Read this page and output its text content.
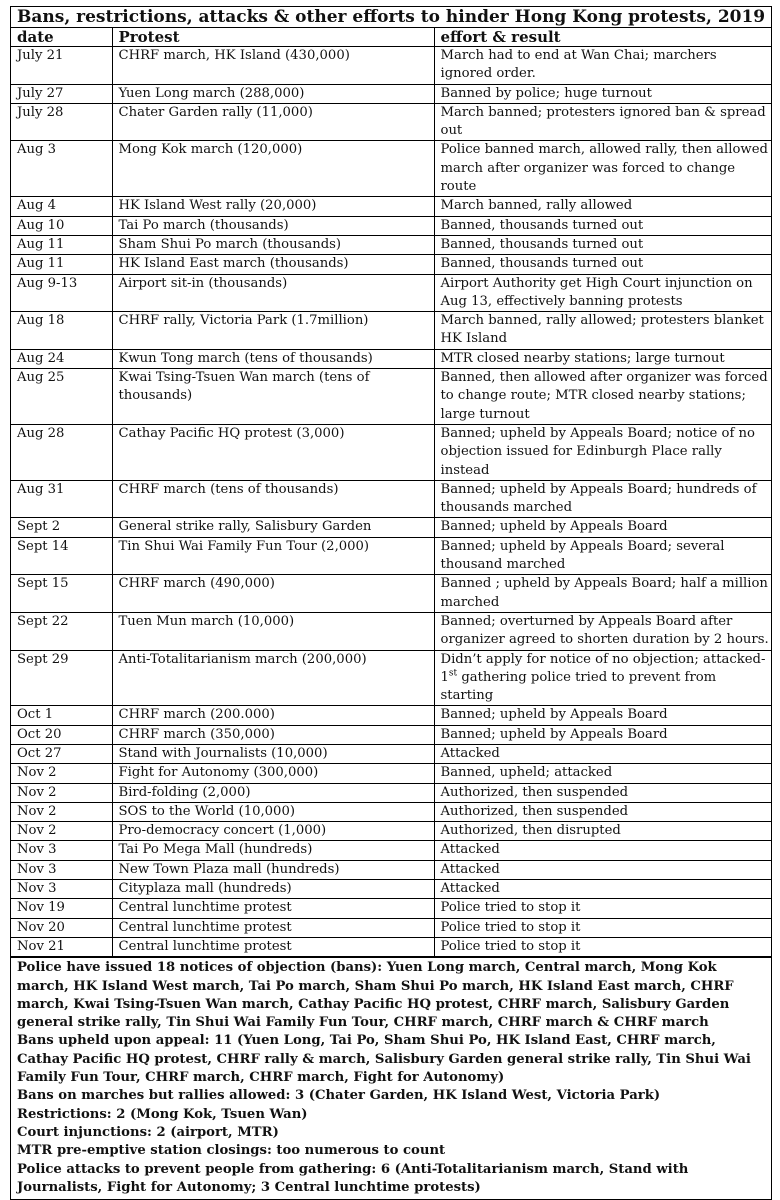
Bans, restrictions, attacks & other efforts to hinder Hong Kong protests, 2019
date	Protest	effort & result
July 21	CHRF march, HK Island (430,000)	March had to end at Wan Chai; marchers ignored order.
July 27	Yuen Long march (288,000)	Banned by police; huge turnout
July 28	Chater Garden rally (11,000)	March banned; protesters ignored ban & spread out
Aug 3	Mong Kok march (120,000)	Police banned march, allowed rally, then allowed march after organizer was forced to change route
Aug 4	HK Island West rally (20,000)	March banned, rally allowed
Aug 10	Tai Po march (thousands)	Banned, thousands turned out
Aug 11	Sham Shui Po march (thousands)	Banned, thousands turned out
Aug 11	HK Island East march (thousands)	Banned, thousands turned out
Aug 9-13	Airport sit-in (thousands)	Airport Authority get High Court injunction on Aug 13, effectively banning protests
Aug 18	CHRF rally, Victoria Park (1.7million)	March banned, rally allowed; protesters blanket HK Island
Aug 24	Kwun Tong march (tens of thousands)	MTR closed nearby stations; large turnout
Aug 25	Kwai Tsing-Tsuen Wan march (tens of thousands)	Banned, then allowed after organizer was forced to change route; MTR closed nearby stations; large turnout
Aug 28	Cathay Pacific HQ protest (3,000)	Banned; upheld by Appeals Board; notice of no objection issued for Edinburgh Place rally instead
Aug 31	CHRF march (tens of thousands)	Banned; upheld by Appeals Board; hundreds of thousands marched
Sept 2	General strike rally, Salisbury Garden	Banned; upheld by Appeals Board
Sept 14	Tin Shui Wai Family Fun Tour (2,000)	Banned; upheld by Appeals Board; several thousand marched
Sept 15	CHRF march (490,000)	Banned ; upheld by Appeals Board; half a million marched
Sept 22	Tuen Mun march (10,000)	Banned; overturned by Appeals Board after organizer agreed to shorten duration by 2 hours.
Sept 29	Anti-Totalitarianism march (200,000)	Didn’t apply for notice of no objection; attacked- 1st gathering police tried to prevent from starting
Oct 1	CHRF march (200.000)	Banned; upheld by Appeals Board
Oct 20	CHRF march (350,000)	Banned; upheld by Appeals Board
Oct 27	Stand with Journalists (10,000)	Attacked
Nov 2	Fight for Autonomy (300,000)	Banned, upheld; attacked
Nov 2	Bird-folding (2,000)	Authorized, then suspended
Nov 2	SOS to the World (10,000)	Authorized, then suspended
Nov 2	Pro-democracy concert (1,000)	Authorized, then disrupted
Nov 3	Tai Po Mega Mall (hundreds)	Attacked
Nov 3	New Town Plaza mall (hundreds)	Attacked
Nov 3	Cityplaza mall (hundreds)	Attacked
Nov 19	Central lunchtime protest	Police tried to stop it
Nov 20	Central lunchtime protest	Police tried to stop it
Nov 21	Central lunchtime protest	Police tried to stop it

Police have issued 18 notices of objection (bans): Yuen Long march, Central march, Mong Kok march, HK Island West march, Tai Po march, Sham Shui Po march, HK Island East march, CHRF march, Kwai Tsing-Tsuen Wan march, Cathay Pacific HQ protest, CHRF march, Salisbury Garden general strike rally, Tin Shui Wai Family Fun Tour, CHRF march, CHRF march & CHRF march

Bans upheld upon appeal: 11 (Yuen Long, Tai Po, Sham Shui Po, HK Island East, CHRF march, Cathay Pacific HQ protest, CHRF rally & march, Salisbury Garden general strike rally, Tin Shui Wai Family Fun Tour, CHRF march, CHRF march, Fight for Autonomy)

Bans on marches but rallies allowed: 3 (Chater Garden, HK Island West, Victoria Park)

Restrictions: 2 (Mong Kok, Tsuen Wan)

Court injunctions: 2 (airport, MTR)

MTR pre-emptive station closings: too numerous to count

Police attacks to prevent people from gathering: 6 (Anti-Totalitarianism march, Stand with Journalists, Fight for Autonomy; 3 Central lunchtime protests)
